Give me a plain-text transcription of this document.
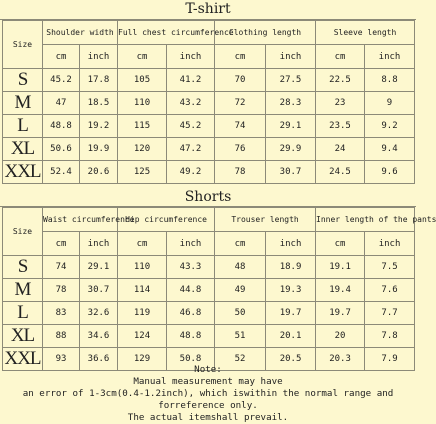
T-shirt
Size	Shoulder width		Full chest circumference		Clothing length		Sleeve length	
	cm	inch	cm	inch	cm	inch	cm	inch
S	45.2	17.8	105	41.2	70	27.5	22.5	8.8
M	47	18.5	110	43.2	72	28.3	23	9
L	48.8	19.2	115	45.2	74	29.1	23.5	9.2
XL	50.6	19.9	120	47.2	76	29.9	24	9.4
XXL	52.4	20.6	125	49.2	78	30.7	24.5	9.6
Shorts
Size	Waist circumference		Hip circumference		Trouser length		Inner length of the pants	
	cm	inch	cm	inch	cm	inch	cm	inch
S	74	29.1	110	43.3	48	18.9	19.1	7.5
M	78	30.7	114	44.8	49	19.3	19.4	7.6
L	83	32.6	119	46.8	50	19.7	19.7	7.7
XL	88	34.6	124	48.8	51	20.1	20	7.8
XXL	93	36.6	129	50.8	52	20.5	20.3	7.9
Note:
Manual measurement may have
an error of 1-3cm(0.4-1.2inch), which iswithin the normal range and forreference only.
The actual itemshall prevail.
